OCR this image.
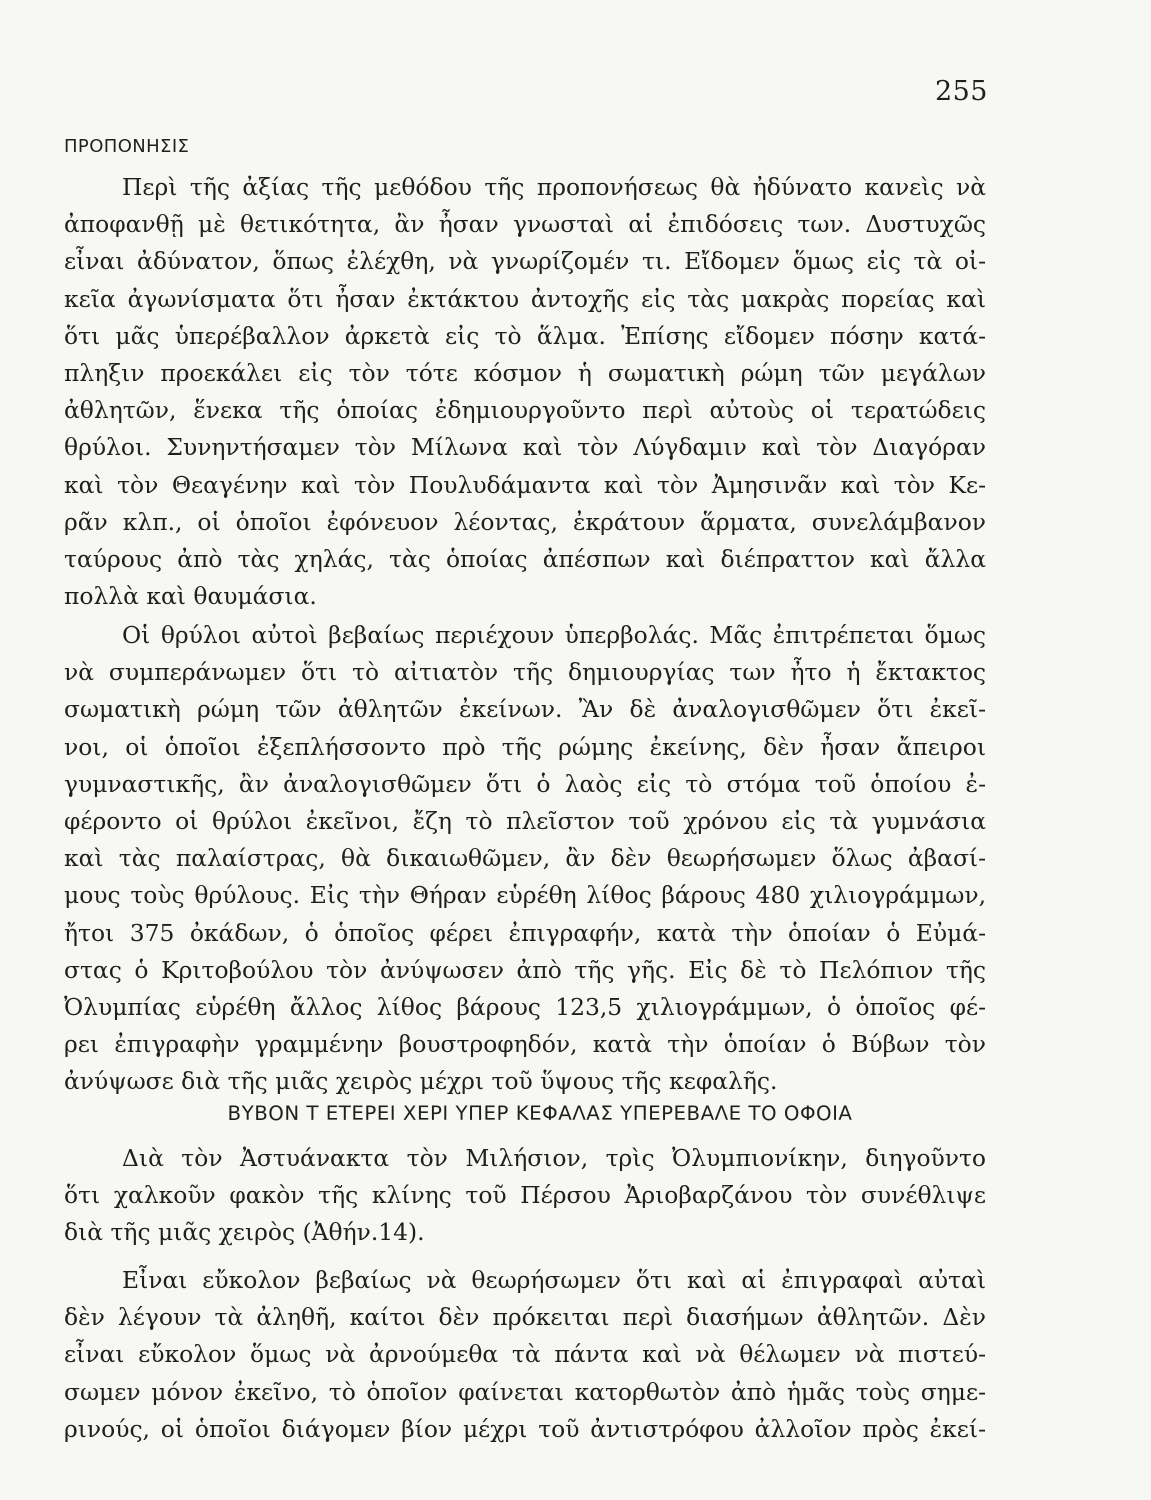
255
ΠΡΟΠΟΝΗΣΙΣ
Περὶ τῆς ἀξίας τῆς μεθόδου τῆς προπονήσεως θὰ ἠδύνατο κανεὶς νὰ
ἀποφανθῇ μὲ θετικότητα, ἂν ἦσαν γνωσταὶ αἱ ἐπιδόσεις των. Δυστυχῶς
εἶναι ἀδύνατον, ὅπως ἐλέχθη, νὰ γνωρίζομέν τι. Εἴδομεν ὅμως εἰς τὰ οἰ-
κεῖα ἀγωνίσματα ὅτι ἦσαν ἐκτάκτου ἀντοχῆς εἰς τὰς μακρὰς πορείας καὶ
ὅτι μᾶς ὑπερέβαλλον ἀρκετὰ εἰς τὸ ἅλμα. Ἐπίσης εἴδομεν πόσην κατά-
πληξιν προεκάλει εἰς τὸν τότε κόσμον ἡ σωματικὴ ρώμη τῶν μεγάλων
ἀθλητῶν, ἕνεκα τῆς ὁποίας ἐδημιουργοῦντο περὶ αὐτοὺς οἱ τερατώδεις
θρύλοι. Συνηντήσαμεν τὸν Μίλωνα καὶ τὸν Λύγδαμιν καὶ τὸν Διαγόραν
καὶ τὸν Θεαγένην καὶ τὸν Πουλυδάμαντα καὶ τὸν Ἀμησινᾶν καὶ τὸν Κε-
ρᾶν κλπ., οἱ ὁποῖοι ἐφόνευον λέοντας, ἐκράτουν ἅρματα, συνελάμβανον
ταύρους ἀπὸ τὰς χηλάς, τὰς ὁποίας ἀπέσπων καὶ διέπραττον καὶ ἄλλα
πολλὰ καὶ θαυμάσια.
Οἱ θρύλοι αὐτοὶ βεβαίως περιέχουν ὑπερβολάς. Μᾶς ἐπιτρέπεται ὅμως
νὰ συμπεράνωμεν ὅτι τὸ αἰτιατὸν τῆς δημιουργίας των ἦτο ἡ ἔκτακτος
σωματικὴ ρώμη τῶν ἀθλητῶν ἐκείνων. Ἂν δὲ ἀναλογισθῶμεν ὅτι ἐκεῖ-
νοι, οἱ ὁποῖοι ἐξεπλήσσοντο πρὸ τῆς ρώμης ἐκείνης, δὲν ἦσαν ἄπειροι
γυμναστικῆς, ἂν ἀναλογισθῶμεν ὅτι ὁ λαὸς εἰς τὸ στόμα τοῦ ὁποίου ἐ-
φέροντο οἱ θρύλοι ἐκεῖνοι, ἔζη τὸ πλεῖστον τοῦ χρόνου εἰς τὰ γυμνάσια
καὶ τὰς παλαίστρας, θὰ δικαιωθῶμεν, ἂν δὲν θεωρήσωμεν ὅλως ἀβασί-
μους τοὺς θρύλους. Εἰς τὴν Θήραν εὑρέθη λίθος βάρους 480 χιλιογράμμων,
ἤτοι 375 ὀκάδων, ὁ ὁποῖος φέρει ἐπιγραφήν, κατὰ τὴν ὁποίαν ὁ Εὐμά-
στας ὁ Κριτοβούλου τὸν ἀνύψωσεν ἀπὸ τῆς γῆς. Εἰς δὲ τὸ Πελόπιον τῆς
Ὀλυμπίας εὑρέθη ἄλλος λίθος βάρους 123,5 χιλιογράμμων, ὁ ὁποῖος φέ-
ρει ἐπιγραφὴν γραμμένην βουστροφηδόν, κατὰ τὴν ὁποίαν ὁ Βύβων τὸν
ἀνύψωσε διὰ τῆς μιᾶς χειρὸς μέχρι τοῦ ὕψους τῆς κεφαλῆς.
ΒΥΒΟΝ Τ ΕΤΕΡΕΙ ΧΕΡΙ ΥΠΕΡ ΚΕΦΑΛΑΣ ΥΠΕΡΕΒΑΛΕ ΤΟ ΟΦΟΙΑ
Διὰ τὸν Ἀστυάνακτα τὸν Μιλήσιον, τρὶς Ὀλυμπιονίκην, διηγοῦντο
ὅτι χαλκοῦν φακὸν τῆς κλίνης τοῦ Πέρσου Ἀριοβαρζάνου τὸν συνέθλιψε
διὰ τῆς μιᾶς χειρὸς (Ἀθήν.14).
Εἶναι εὔκολον βεβαίως νὰ θεωρήσωμεν ὅτι καὶ αἱ ἐπιγραφαὶ αὐταὶ
δὲν λέγουν τὰ ἀληθῆ, καίτοι δὲν πρόκειται περὶ διασήμων ἀθλητῶν. Δὲν
εἶναι εὔκολον ὅμως νὰ ἀρνούμεθα τὰ πάντα καὶ νὰ θέλωμεν νὰ πιστεύ-
σωμεν μόνον ἐκεῖνο, τὸ ὁποῖον φαίνεται κατορθωτὸν ἀπὸ ἡμᾶς τοὺς σημε-
ρινούς, οἱ ὁποῖοι διάγομεν βίον μέχρι τοῦ ἀντιστρόφου ἀλλοῖον πρὸς ἐκεί-
